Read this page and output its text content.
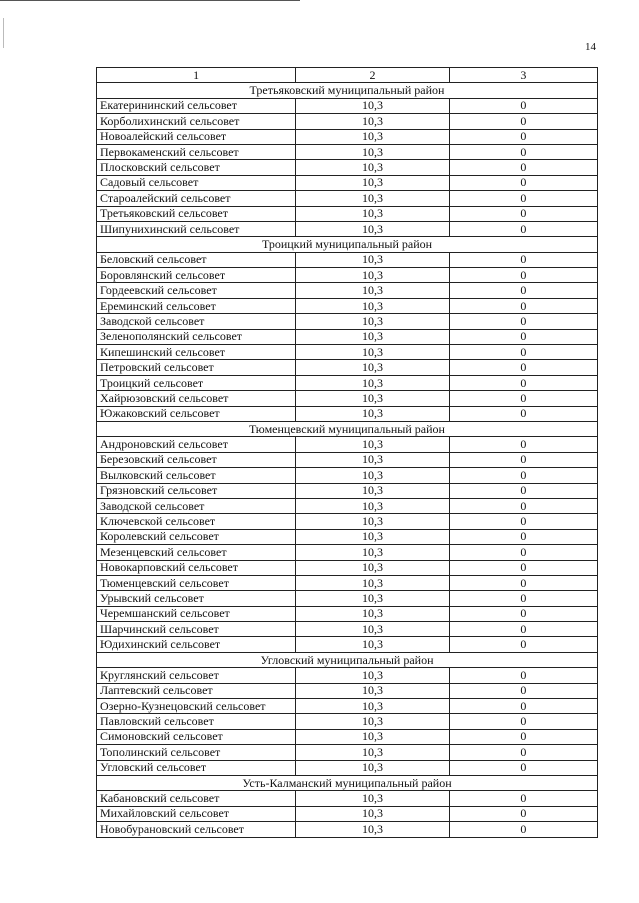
14
1	2	3
Третьяковский муниципальный район		
Екатерининский сельсовет	10,3	0
Корболихинский сельсовет	10,3	0
Новоалейский сельсовет	10,3	0
Первокаменский сельсовет	10,3	0
Плосковский сельсовет	10,3	0
Садовый сельсовет	10,3	0
Староалейский сельсовет	10,3	0
Третьяковский сельсовет	10,3	0
Шипунихинский сельсовет	10,3	0
Троицкий муниципальный район		
Беловский сельсовет	10,3	0
Боровлянский сельсовет	10,3	0
Гордеевский сельсовет	10,3	0
Ереминский сельсовет	10,3	0
Заводской сельсовет	10,3	0
Зеленополянский сельсовет	10,3	0
Кипешинский сельсовет	10,3	0
Петровский сельсовет	10,3	0
Троицкий сельсовет	10,3	0
Хайрюзовский сельсовет	10,3	0
Южаковский сельсовет	10,3	0
Тюменцевский муниципальный район		
Андроновский сельсовет	10,3	0
Березовский сельсовет	10,3	0
Вылковский сельсовет	10,3	0
Грязновский сельсовет	10,3	0
Заводской сельсовет	10,3	0
Ключевской сельсовет	10,3	0
Королевский сельсовет	10,3	0
Мезенцевский сельсовет	10,3	0
Новокарповский сельсовет	10,3	0
Тюменцевский сельсовет	10,3	0
Урывский сельсовет	10,3	0
Черемшанский сельсовет	10,3	0
Шарчинский сельсовет	10,3	0
Юдихинский сельсовет	10,3	0
Угловский муниципальный район		
Круглянский сельсовет	10,3	0
Лаптевский сельсовет	10,3	0
Озерно-Кузнецовский сельсовет	10,3	0
Павловский сельсовет	10,3	0
Симоновский сельсовет	10,3	0
Тополинский сельсовет	10,3	0
Угловский сельсовет	10,3	0
Усть-Калманский муниципальный район		
Кабановский сельсовет	10,3	0
Михайловский сельсовет	10,3	0
Новобурановский сельсовет	10,3	0
